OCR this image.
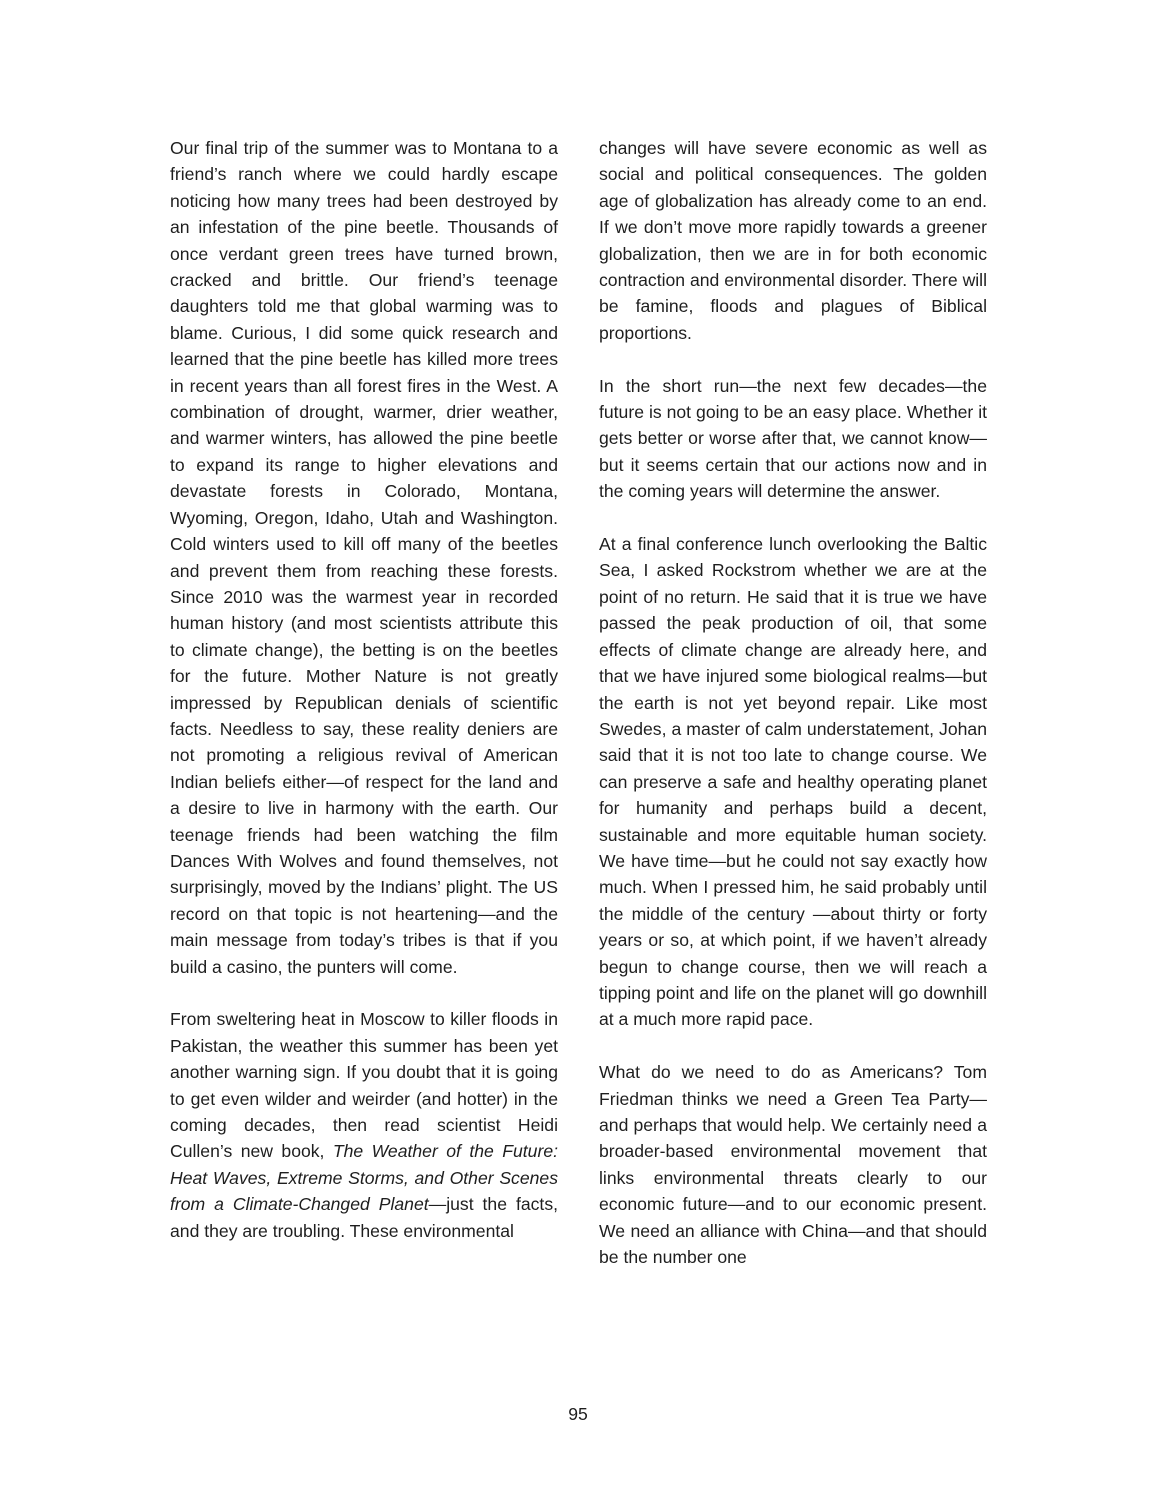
Our final trip of the summer was to Montana to a friend’s ranch where we could hardly escape noticing how many trees had been destroyed by an infestation of the pine beetle. Thousands of once verdant green trees have turned brown, cracked and brittle. Our friend’s teenage daughters told me that global warming was to blame. Curious, I did some quick research and learned that the pine beetle has killed more trees in recent years than all forest fires in the West. A combination of drought, warmer, drier weather, and warmer winters, has allowed the pine beetle to expand its range to higher elevations and devastate forests in Colorado, Montana, Wyoming, Oregon, Idaho, Utah and Washington. Cold winters used to kill off many of the beetles and prevent them from reaching these forests. Since 2010 was the warmest year in recorded human history (and most scientists attribute this to climate change), the betting is on the beetles for the future. Mother Nature is not greatly impressed by Republican denials of scientific facts. Needless to say, these reality deniers are not promoting a religious revival of American Indian beliefs either—of respect for the land and a desire to live in harmony with the earth. Our teenage friends had been watching the film Dances With Wolves and found themselves, not surprisingly, moved by the Indians’ plight. The US record on that topic is not heartening—and the main message from today’s tribes is that if you build a casino, the punters will come.

From sweltering heat in Moscow to killer floods in Pakistan, the weather this summer has been yet another warning sign. If you doubt that it is going to get even wilder and weirder (and hotter) in the coming decades, then read scientist Heidi Cullen’s new book, The Weather of the Future: Heat Waves, Extreme Storms, and Other Scenes from a Climate-Changed Planet—just the facts, and they are troubling. These environmental

changes will have severe economic as well as social and political consequences. The golden age of globalization has already come to an end. If we don’t move more rapidly towards a greener globalization, then we are in for both economic contraction and environmental disorder. There will be famine, floods and plagues of Biblical proportions.

In the short run—the next few decades—the future is not going to be an easy place. Whether it gets better or worse after that, we cannot know—but it seems certain that our actions now and in the coming years will determine the answer.

At a final conference lunch overlooking the Baltic Sea, I asked Rockstrom whether we are at the point of no return. He said that it is true we have passed the peak production of oil, that some effects of climate change are already here, and that we have injured some biological realms—but the earth is not yet beyond repair. Like most Swedes, a master of calm understatement, Johan said that it is not too late to change course. We can preserve a safe and healthy operating planet for humanity and perhaps build a decent, sustainable and more equitable human society. We have time—but he could not say exactly how much. When I pressed him, he said probably until the middle of the century —about thirty or forty years or so, at which point, if we haven’t already begun to change course, then we will reach a tipping point and life on the planet will go downhill at a much more rapid pace.

What do we need to do as Americans? Tom Friedman thinks we need a Green Tea Party—and perhaps that would help. We certainly need a broader-based environmental movement that links environmental threats clearly to our economic future—and to our economic present. We need an alliance with China—and that should be the number one

95
